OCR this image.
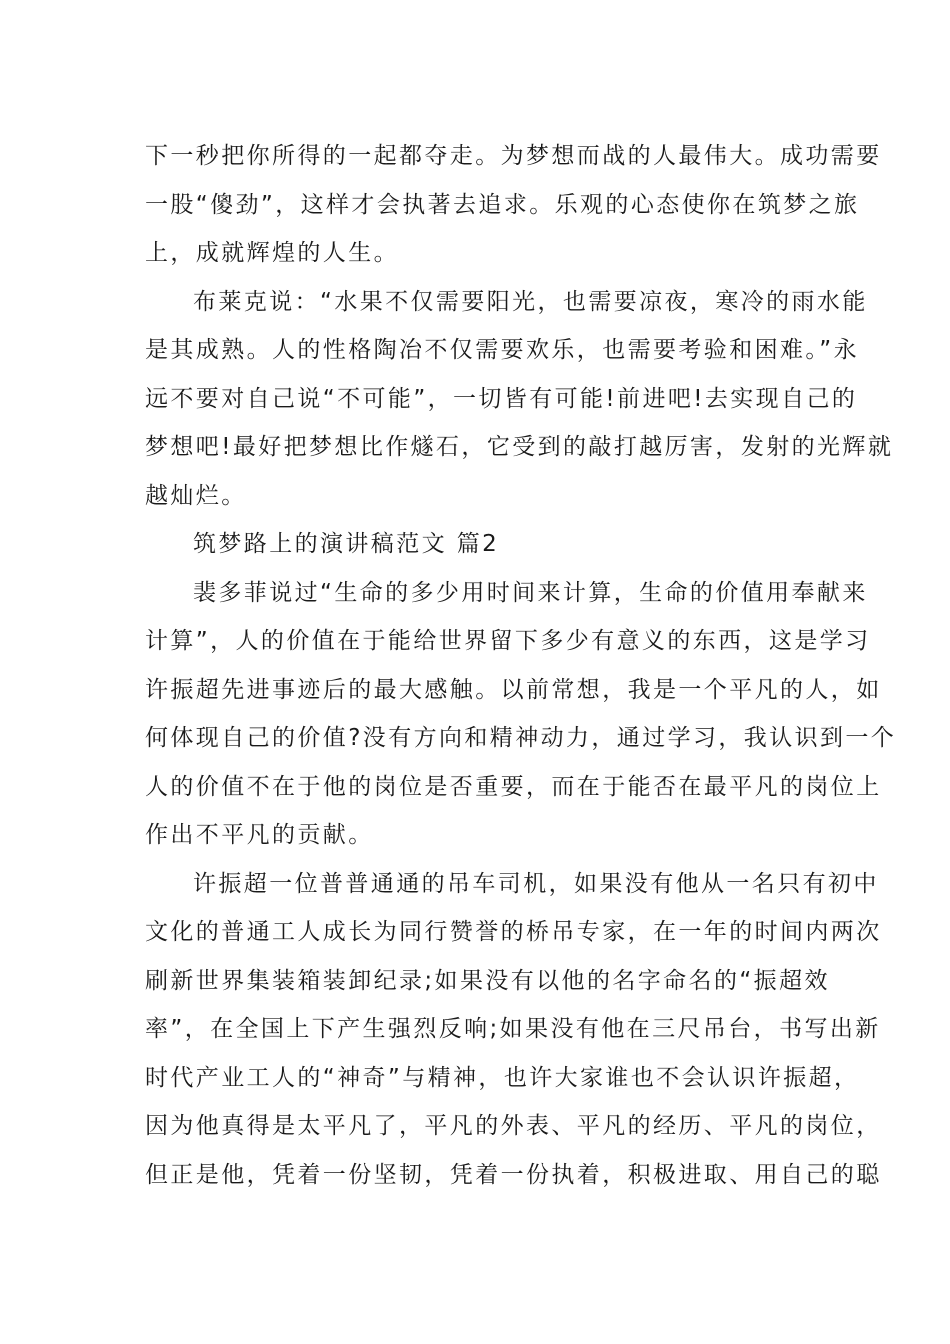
下一秒把你所得的一起都夺走。为梦想而战的人最伟大。成功需要
一股“傻劲”，这样才会执著去追求。乐观的心态使你在筑梦之旅
上，成就辉煌的人生。
布莱克说：“水果不仅需要阳光，也需要凉夜，寒冷的雨水能
是其成熟。人的性格陶冶不仅需要欢乐，也需要考验和困难。”永
远不要对自己说“不可能”，一切皆有可能!前进吧!去实现自己的
梦想吧!最好把梦想比作燧石，它受到的敲打越厉害，发射的光辉就
越灿烂。
筑梦路上的演讲稿范文 篇2
裴多菲说过“生命的多少用时间来计算，生命的价值用奉献来
计算”，人的价值在于能给世界留下多少有意义的东西，这是学习
许振超先进事迹后的最大感触。以前常想，我是一个平凡的人，如
何体现自己的价值?没有方向和精神动力，通过学习，我认识到一个
人的价值不在于他的岗位是否重要，而在于能否在最平凡的岗位上
作出不平凡的贡献。
许振超一位普普通通的吊车司机，如果没有他从一名只有初中
文化的普通工人成长为同行赞誉的桥吊专家，在一年的时间内两次
刷新世界集装箱装卸纪录;如果没有以他的名字命名的“振超效
率”，在全国上下产生强烈反响;如果没有他在三尺吊台，书写出新
时代产业工人的“神奇”与精神，也许大家谁也不会认识许振超，
因为他真得是太平凡了，平凡的外表、平凡的经历、平凡的岗位，
但正是他，凭着一份坚韧，凭着一份执着，积极进取、用自己的聪
